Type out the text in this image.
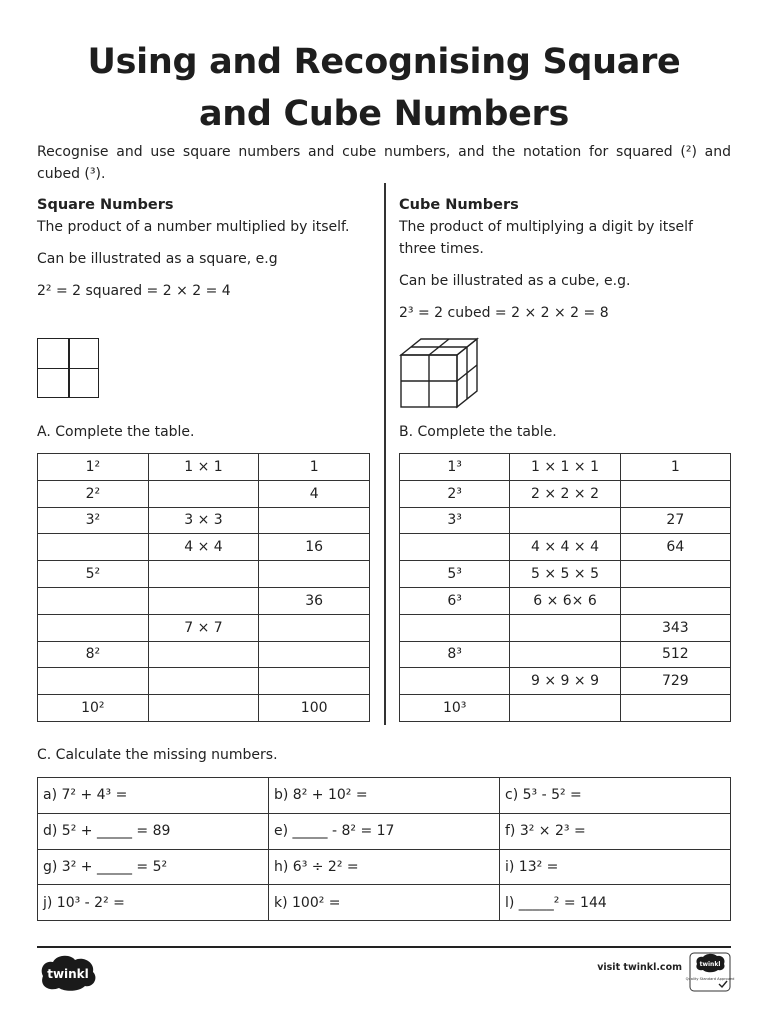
Using and Recognising Square
and Cube Numbers

Recognise and use square numbers and cube numbers, and the notation for squared (²) and cubed (³).

Square Numbers

The product of a number multiplied by itself.

Can be illustrated as a square, e.g

2² = 2 squared = 2 × 2 = 4

Cube Numbers

The product of multiplying a digit by itself three times.

Can be illustrated as a cube, e.g.

2³ = 2 cubed = 2 × 2 × 2 = 8

A. Complete the table.	B. Complete the table.
1²	1 × 1	1
2²		4
3²	3 × 3	
	4 × 4	16
5²		
		36
	7 × 7	
8²		

10²		100
1³	1 × 1 × 1	1
2³	2 × 2 × 2	
3³		27
	4 × 4 × 4	64
5³	5 × 5 × 5	
6³	6 × 6× 6	
		343
8³		512
	9 × 9 × 9	729
10³		
C. Calculate the missing numbers.
a) 7² + 4³ =	b) 8² + 10² =	c) 5³ - 5² =
d) 5² + _____ = 89	e) _____ - 8² = 17	f) 3² × 2³ =
g) 3² + _____ = 5²	h) 6³ ÷ 2² =	i) 13² =
j) 10³ - 2² =	k) 100² =	l) _____² = 144
twinkl	visit twinkl.com	twinkl
Quality Standard Approved
